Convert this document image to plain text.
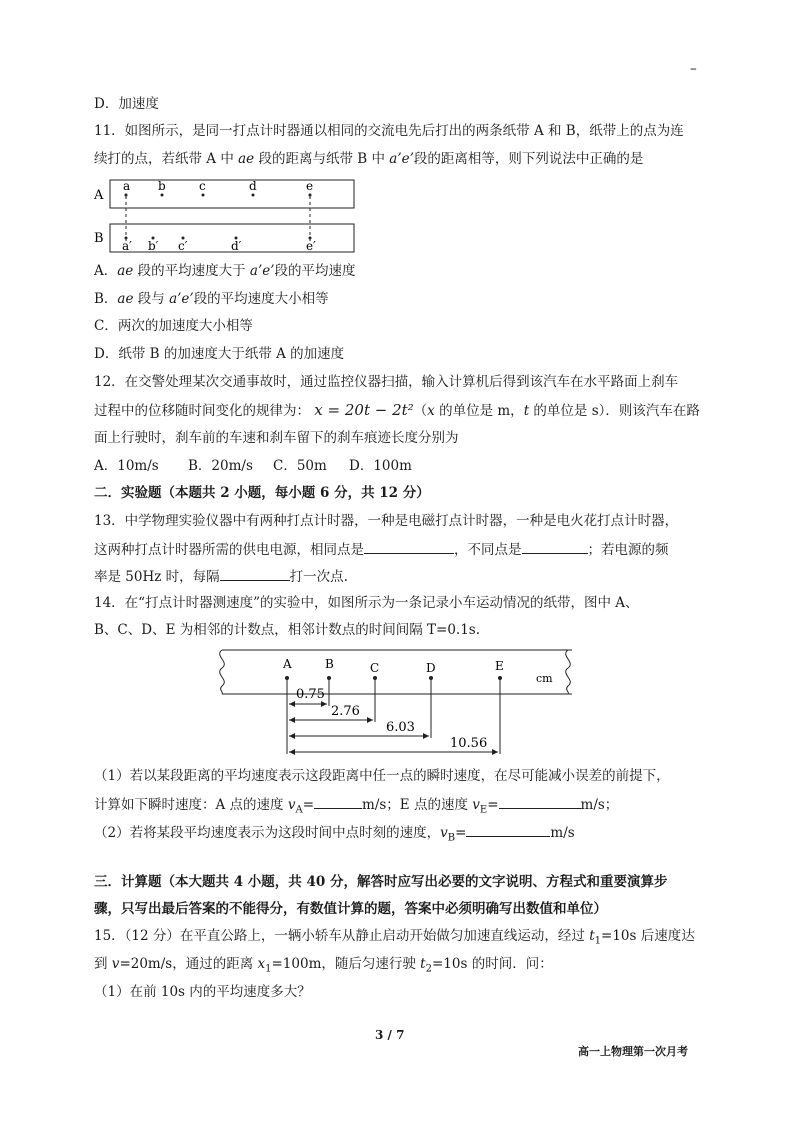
–
D．加速度
11．如图所示，是同一打点计时器通以相同的交流电先后打出的两条纸带 A 和 B，纸带上的点为连
续打的点，若纸带 A 中 ae 段的距离与纸带 B 中 a’e’段的距离相等，则下列说法中正确的是
A
B
a b	c	d	e
a′ b′ c′	d′	e′
A．ae 段的平均速度大于 a’e’段的平均速度
B．ae 段与 a’e’段的平均速度大小相等
C．两次的加速度大小相等
D．纸带 B 的加速度大于纸带 A 的加速度
12．在交警处理某次交通事故时，通过监控仪器扫描，输入计算机后得到该汽车在水平路面上刹车
过程中的位移随时间变化的规律为： x = 20t − 2t²（x 的单位是 m，t 的单位是 s）．则该汽车在路
面上行驶时，刹车前的车速和刹车留下的刹车痕迹长度分别为
A．10m/s B．20m/s C．50m D．100m
二．实验题（本题共 2 小题，每小题 6 分，共 12 分）
13．中学物理实验仪器中有两种打点计时器，一种是电磁打点计时器，一种是电火花打点计时器，
这两种打点计时器所需的供电电源，相同点是	，不同点是	；若电源的频
率是 50Hz 时，每隔	打一次点.
14．在“打点计时器测速度”的实验中，如图所示为一条记录小车运动情况的纸带，图中 A、
B、C、D、E 为相邻的计数点，相邻计数点的时间间隔 T=0.1s.
A	B	C	D	E
cm
0.75
2.76
6.03
10.56
（1）若以某段距离的平均速度表示这段距离中任一点的瞬时速度，在尽可能减小误差的前提下，
计算如下瞬时速度：A 点的速度 $v_A=$	m/s；E 点的速度 $v_E=$	m/s；
（2）若将某段平均速度表示为这段时间中点时刻的速度，$v_B=$	m/s
三．计算题（本大题共 4 小题，共 40 分，解答时应写出必要的文字说明、方程式和重要演算步
骤，只写出最后答案的不能得分，有数值计算的题，答案中必须明确写出数值和单位）
15．（12 分）在平直公路上，一辆小轿车从静止启动开始做匀加速直线运动，经过 $t_1=10s$ 后速度达
到 v=20m/s，通过的距离 $x_1=100m$，随后匀速行驶 $t_2=10s$ 的时间．问：
（1）在前 10s 内的平均速度多大？
3 / 7
高一上物理第一次月考
